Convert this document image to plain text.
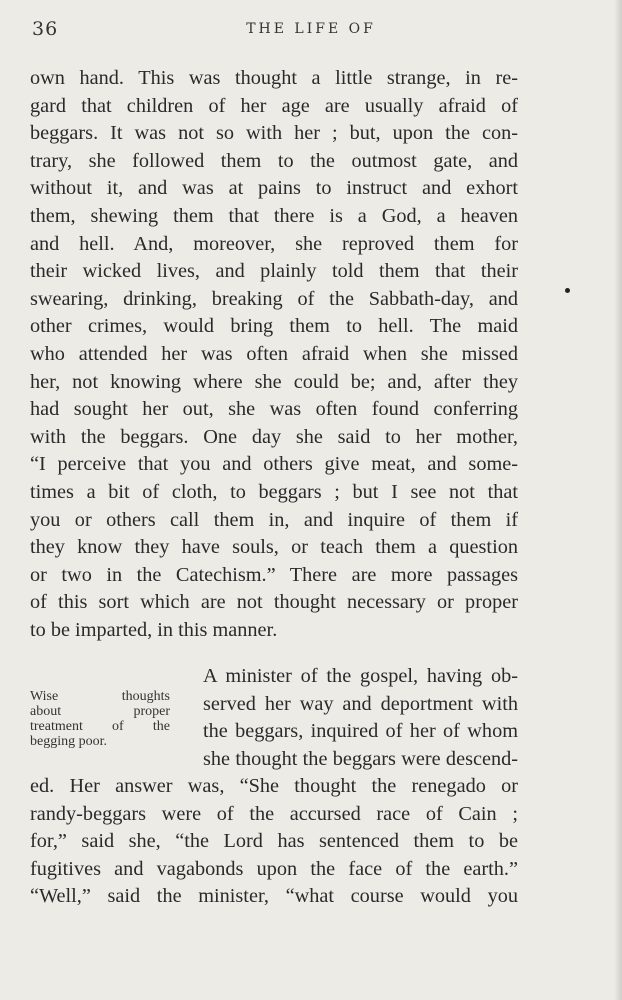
36	THE LIFE OF
own hand. This was thought a little strange, in re-
gard that children of her age are usually afraid of
beggars. It was not so with her ; but, upon the con-
trary, she followed them to the outmost gate, and
without it, and was at pains to instruct and exhort
them, shewing them that there is a God, a heaven
and hell. And, moreover, she reproved them for
their wicked lives, and plainly told them that their
swearing, drinking, breaking of the Sabbath-day, and
other crimes, would bring them to hell. The maid
who attended her was often afraid when she missed
her, not knowing where she could be; and, after they
had sought her out, she was often found conferring
with the beggars. One day she said to her mother,
“I perceive that you and others give meat, and some-
times a bit of cloth, to beggars ; but I see not that
you or others call them in, and inquire of them if
they know they have souls, or teach them a question
or two in the Catechism.” There are more passages
of this sort which are not thought necessary or proper
to be imparted, in this manner.
Wise thoughts
about proper
treatment of the
begging poor.
A minister of the gospel, having ob-
served her way and deportment with
the beggars, inquired of her of whom
she thought the beggars were descend-
ed. Her answer was, “She thought the renegado or
randy-beggars were of the accursed race of Cain ;
for,” said she, “the Lord has sentenced them to be
fugitives and vagabonds upon the face of the earth.”
“Well,” said the minister, “what course would you
